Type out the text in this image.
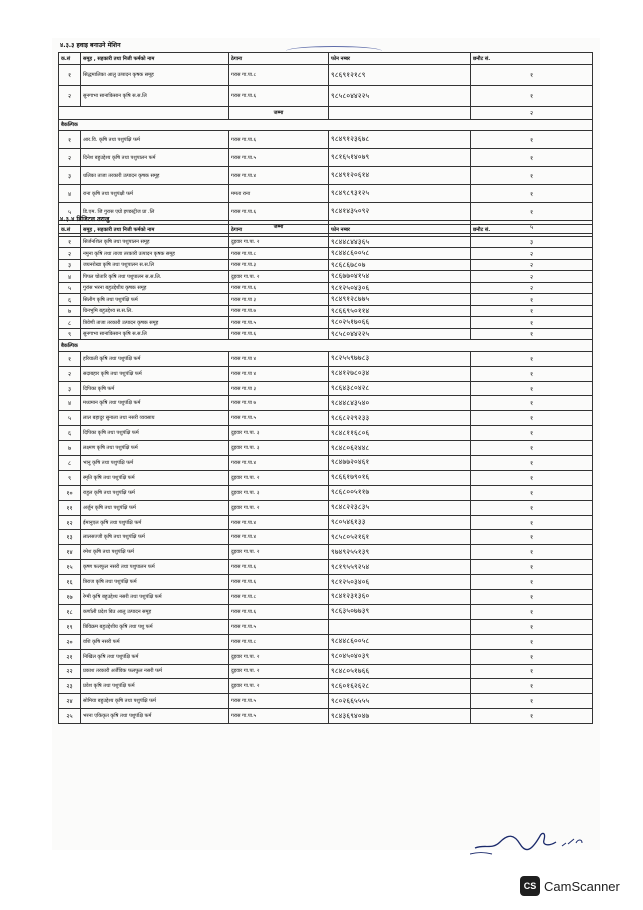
४.३.३ हवाइ बनाउने मेशिन
क.सं	समूह , सहकारी तथा निजी फर्मको नाम	ठेगाना	फोन नम्बर	छनौट सं.
१	सिद्धमालिका आलु उत्पादन कृषक समूह	गरास गा.पा.८	९८६९१२१८९	१
२	सुनगाभा सानाकिसान कृषि स.स.लि	गरास गा.पा.६	९८५८०४४२२५	१
		जम्मा		२
बैकल्पिक				
१	आर.वि. कृषि तथा पशुपंक्षि फर्म	गरास गा.पा.६	९८४९१२३६७८	१
२	दिनेश बहुउद्देश्य कृषि तथा पशुपालन फर्म	गरास गा.पा.५	९८१६५१४०७९	१
३	धलिका ताजा तरकारी उत्पादन कृषक समूह	गरास गा.पा.४	९८४९१२०६१४	१
४	राना कृषि तथा पशुपंक्षी फर्म	ममता राना	९८४९८९३१२५	१
५	डि.एम. जि गुरास एग्रो इण्डस्ट्रीज प्रा .लि	गरास गा.पा.६	९८४१४३५०९२	१
		जम्मा		५
४.३.४ डिजिटल तराजु
क.सं	समूह , सहकारी तथा निजी फर्मको नाम	ठेगाना	फोन नम्बर	छनौट सं.
१	सिर्जनशिल कृषि तथा पशुपालन समूह	दुइवार गा.पा. २	९८४४८४४३६५	३
२	नमुना कृषि तथा ताजा तरकारी उत्पादन कृषक समूह	गरास गा.पा.८	९८४४८६००५८	२
३	जयनरोखा कृषि तथा पशुपालन स.स.लि	गरास गा.पा.३	९८६८६७८०७	२
४	पिपल चोतारि कृषि तथा पशुपालन स.स.लि.	दुइवार गा.पा. २	९८६७७०४१५४	२
५	गुरांस भरना बहुउद्देशीय कृषक समूह	गरास गा.पा.६	९८१२५०४३०६	२
६	सिलीग कृषि तथा पशुपंक्षि फर्म	गरास गा.पा ३	९८४९१२८७७५	१
७	ग्रिनभुमि बहुउद्देश्य स.स.लि.	गरास गा.पा.७	९८६६९५०११४	१
८	त्रिवेणी ताजा तरकारी उत्पादन कृषक समूह	गरास गा.पा.५	९८०२५१७०६६	१
९	सुनगाभा सानाकिसान कृषि स.स.लि	गरास गा.पा.६	९८५८०४४२२५	१
बैकल्पिक				
१	हरियाली कृषि तथा पशुपंक्षि फर्म	गरास गा.पा ४	९८२५५९७७८३	१
२	सदाबहार कृषि तथा पशुपंक्षि फर्म	गरास गा.पा ४	९८४१२७८०३४	१
३	दिपिका कृषि फर्म	गरास गा.पा ३	९८६४३८०४२८	१
४	मध्यमान कृषि तथा पशुपंक्षि फर्म	गरास गा.पा ७	९८४४८४३५४०	१
५	लाल बहादुर सुनाला तथा नसरी व्यवसाय	गरास गा.पा.५	९८६८२२९२३३	१
६	दिपिका कृषि तथा पशुपंक्षि फर्म	दुइवार गा.पा. ३	९८४८११६८०६	१
७	लक्ष्मण कृषि तथा पशुपंक्षि फर्म	दुइवार गा.पा. ३	९८४८०६२४४८	१
८	भानु कृषि तथा पशुपंक्षि फर्म	गरास गा.पा.४	९८४७७२०४६१	१
९	स्मृति कृषि तथा पशुपंक्षि फर्म	दुइवार गा.पा. २	९८६६१७९०१६	१
१०	राहुल कृषि तथा पशुपंक्षि फर्म	दुइवार गा.पा. ३	९८६८००५११७	१
११	अर्जुन कृषि तथा पशुपंक्षि फर्म	दुइवार गा.पा. २	९८४८२२३८३५	१
१२	ईमानुएल कृषि तथा पशुपंक्षि फर्म	गरास गा.पा.४	९८०५४६१३३	१
१३	लालसज्जी कृषि तथा पशुपंक्षि फर्म	गरास गा.पा.४	९८५८०५२१६१	१
१४	रमेश कृषि तथा पशुपंक्षि फर्म	दुइवार गा.पा. २	९७४९२५५१३९	१
१५	कृष्ण फलफुल नसरी तथा पशुपालन फर्म	गरास गा.पा.६	९८१९५५९२५४	१
१६	त्रिराज कृषि तथा पशुपंक्षि फर्म	गरास गा.पा.६	९८१२५०३४०६	१
१७	रेग्मी कृषि बहुउद्देश्य नसरी तथा पशुपंक्षि फर्म	गरास गा.पा.८	९८४१२३१३६०	१
१८	कर्णाली प्रदेश बिउ आलु उत्पादन समूह	गरास गा.पा.६	९८६३५०७७३९	१
१९	त्रिविक्रम बहुउद्देशीय कृषि तथा पशु फर्म	गरास गा.पा.५		१
२०	वशि कृषि नसरी फर्म	गरास गा.पा.८	९८४४८६००५८	१
२१	निखिल कृषि तथा पशुपंक्षि फर्म	दुइवार गा.पा. २	९८०४५०४०३९	१
२२	प्रकाश तरकारी अर्जैविक फलफुल नसरी फर्म	दुइवार गा.पा. २	९८४८०५१७६६	१
२३	प्रवेश कृषि तथा पशुपंक्षि फर्म	दुइवार गा.पा. २	९८६०१६२६२८	१
२४	सोमिया बहुउद्देश्य कृषि तथा पशुपंक्षि फर्म	गरास गा.पा.५	९८०२६६५५५५	१
२५	भरना एकिकृत कृषि तथा पशुपंक्षि फर्म	गरास गा.पा.५	९८४३६९४०४७	१
CS CamScanner
